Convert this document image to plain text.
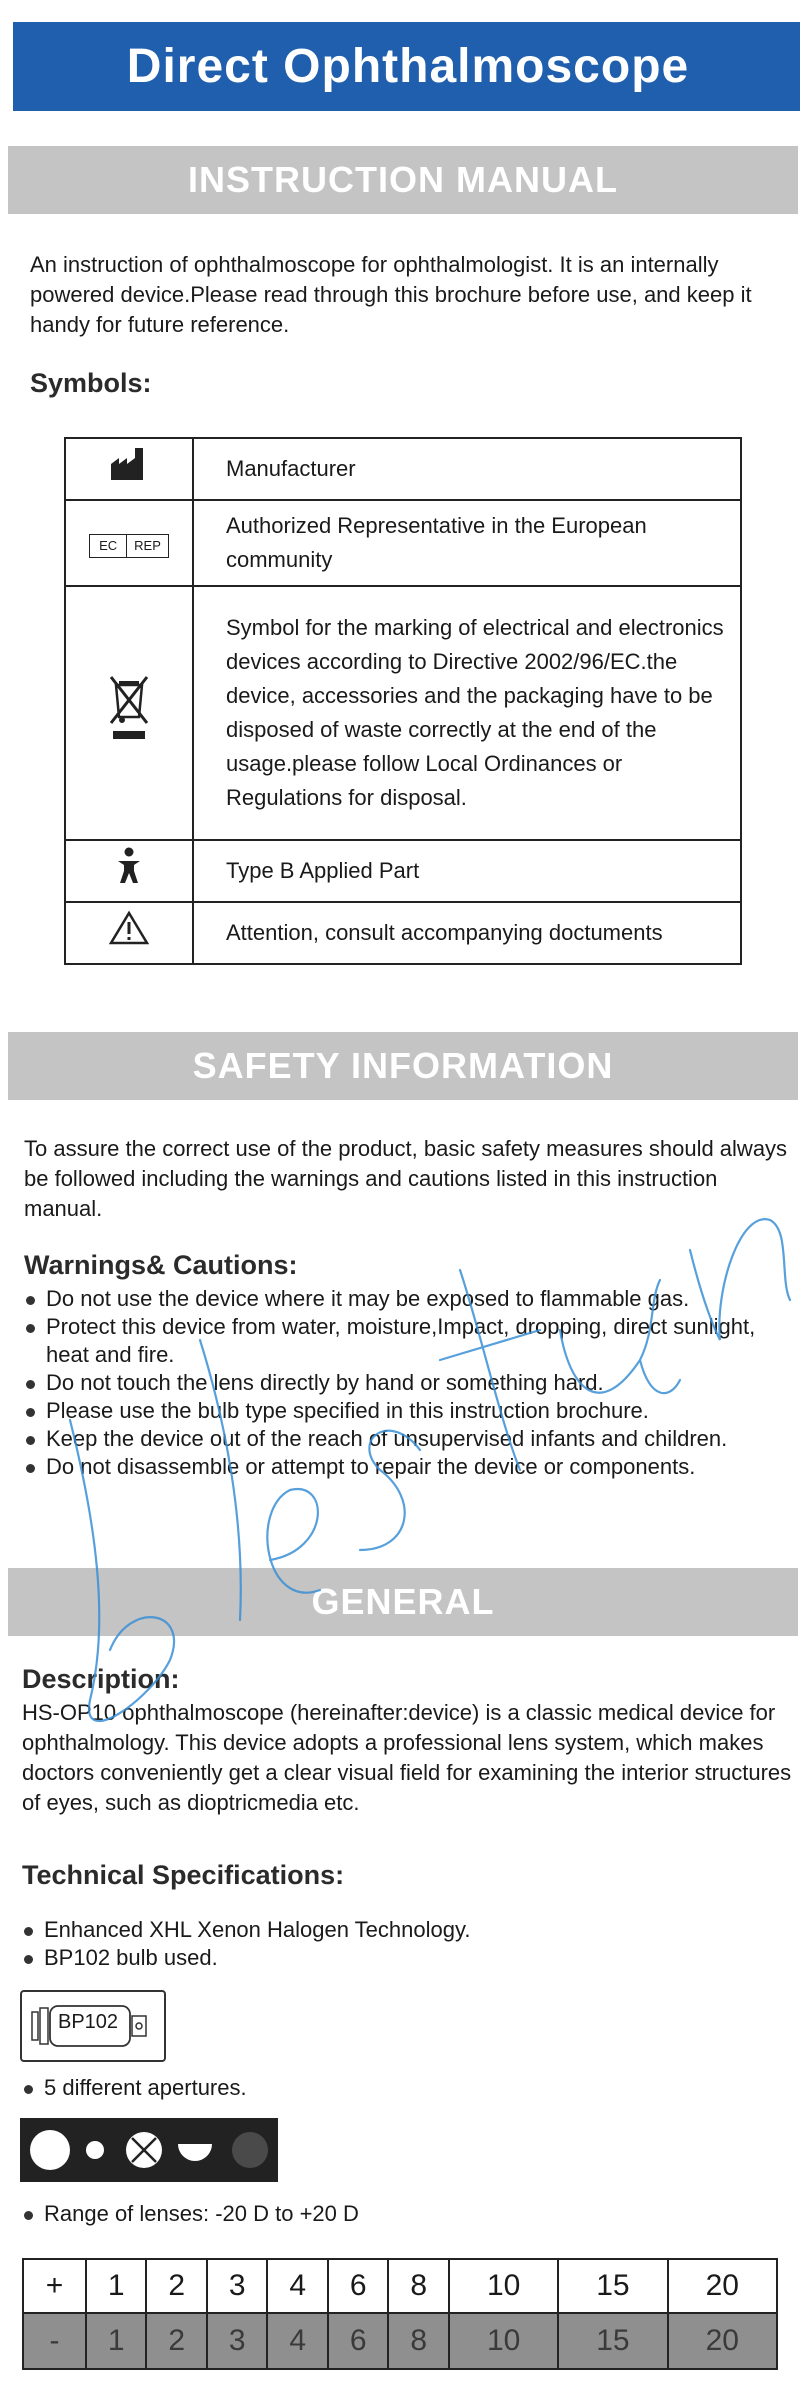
Direct Ophthalmoscope
INSTRUCTION MANUAL
An instruction of ophthalmoscope for ophthalmologist. It is an internally powered device.Please read through this brochure before use, and keep it handy for future reference.
Symbols:
	Manufacturer

EC REP	Authorized Representative in the European community
	Symbol for the marking of electrical and electronics devices according to Directive 2002/96/EC.the device, accessories and the packaging have to be disposed of waste correctly at the end of the usage.please follow Local Ordinances or Regulations for disposal.
	Type B Applied Part
	Attention, consult accompanying doctuments
SAFETY INFORMATION
To assure the correct use of the product, basic safety measures should always be followed including the warnings and cautions listed in this instruction manual.
Warnings& Cautions:
Do not use the device where it may be exposed to flammable gas.
Protect this device from water, moisture,Impact, dropping, direct sunlight, heat and fire.
Do not touch the lens directly by hand or something hard.
Please use the bulb type specified in this instruction brochure.
Keep the device out of the reach of unsupervised infants and children.
Do not disassemble or attempt to repair the device or components.
GENERAL
Description:
HS-OP10 ophthalmoscope (hereinafter:device) is a classic medical device for ophthalmology. This device adopts a professional lens system, which makes doctors conveniently get a clear visual field for examining the interior structures of eyes, such as dioptricmedia etc.
Technical Specifications:
Enhanced XHL Xenon Halogen Technology.
BP102 bulb used.
BP102
5 different apertures.
Range of lenses: -20 D to +20 D
+	1	2	3	4	6	8	10	15	20
-	1	2	3	4	6	8	10	15	20
